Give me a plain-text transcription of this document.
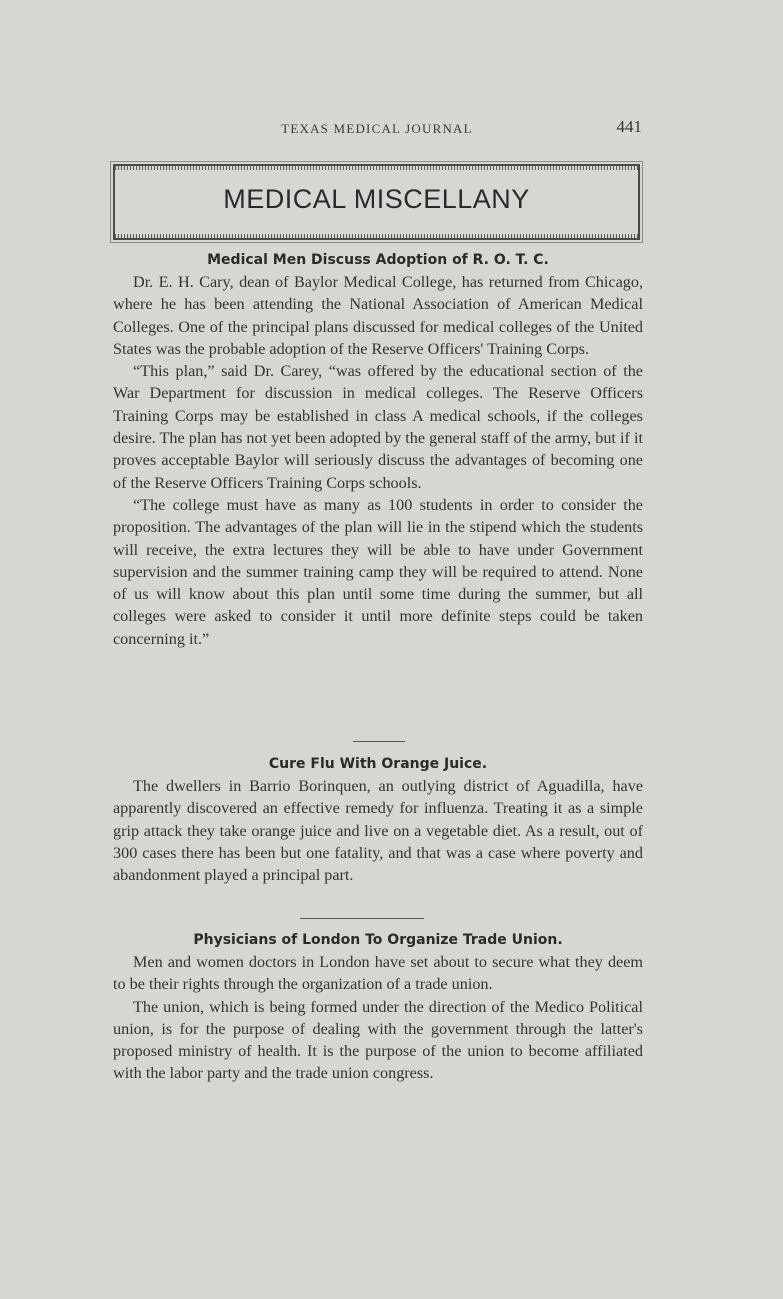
TEXAS MEDICAL JOURNAL	441
MEDICAL MISCELLANY
Medical Men Discuss Adoption of R. O. T. C.

Dr. E. H. Cary, dean of Baylor Medical College, has returned from Chicago, where he has been attending the National Association of American Medical Colleges. One of the principal plans discussed for medical colleges of the United States was the probable adoption of the Reserve Officers' Training Corps.

“This plan,” said Dr. Carey, “was offered by the educational section of the War Department for discussion in medical colleges. The Reserve Officers Training Corps may be established in class A medical schools, if the colleges desire. The plan has not yet been adopted by the general staff of the army, but if it proves acceptable Baylor will seriously discuss the advantages of becoming one of the Reserve Officers Training Corps schools.

“The college must have as many as 100 students in order to consider the proposition. The advantages of the plan will lie in the stipend which the students will receive, the extra lectures they will be able to have under Government supervision and the summer training camp they will be required to attend. None of us will know about this plan until some time during the summer, but all colleges were asked to consider it until more definite steps could be taken concerning it.”

Cure Flu With Orange Juice.

The dwellers in Barrio Borinquen, an outlying district of Aguadilla, have apparently discovered an effective remedy for influenza. Treating it as a simple grip attack they take orange juice and live on a vegetable diet. As a result, out of 300 cases there has been but one fatality, and that was a case where poverty and abandonment played a principal part.

Physicians of London To Organize Trade Union.

Men and women doctors in London have set about to secure what they deem to be their rights through the organization of a trade union.

The union, which is being formed under the direction of the Medico Political union, is for the purpose of dealing with the government through the latter's proposed ministry of health. It is the purpose of the union to become affiliated with the labor party and the trade union congress.
